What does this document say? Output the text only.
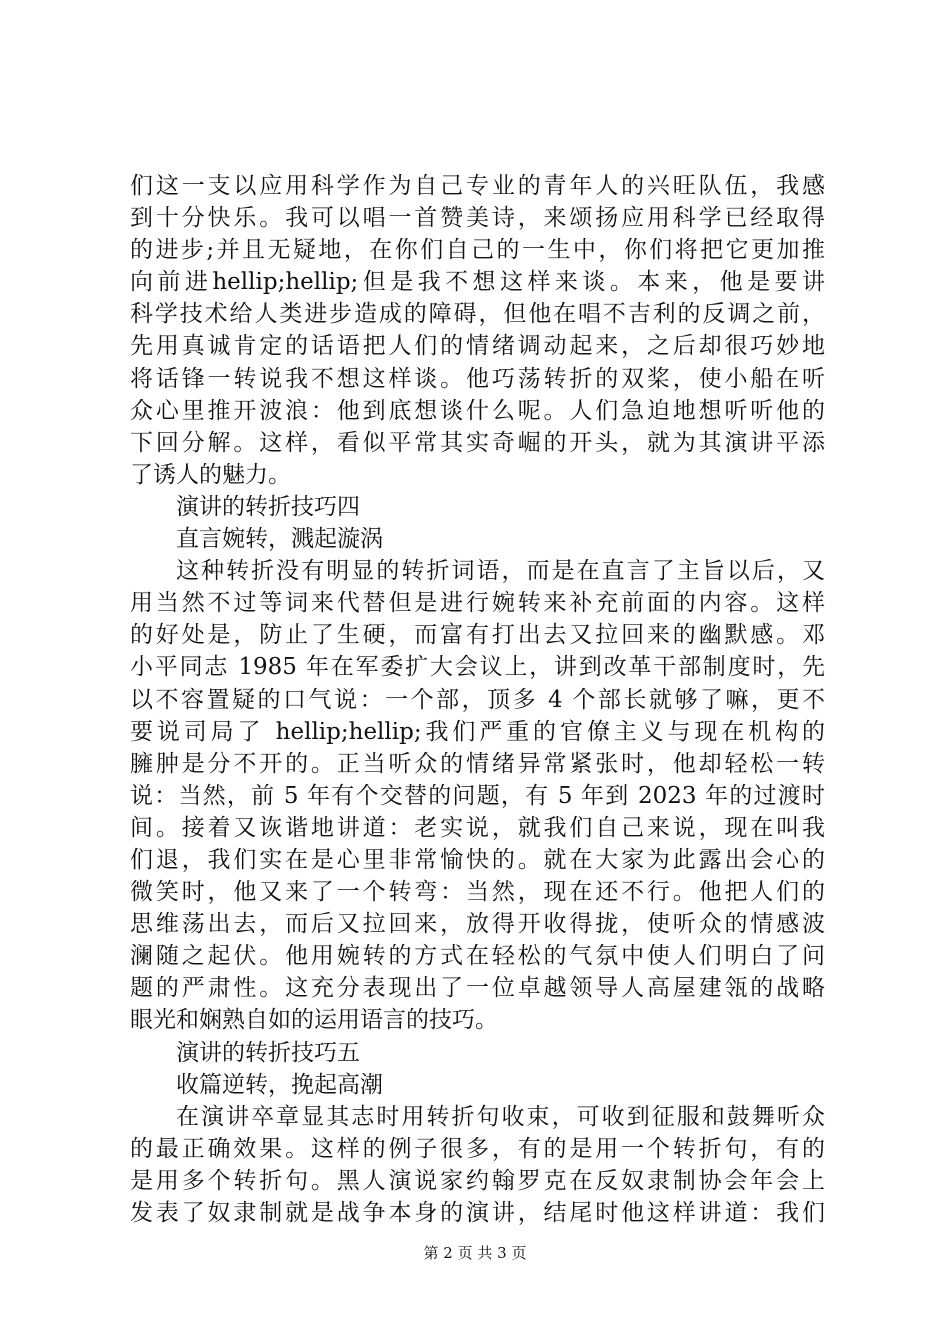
们这一支以应用科学作为自己专业的青年人的兴旺队伍，我感
到十分快乐。我可以唱一首赞美诗，来颂扬应用科学已经取得
的进步;并且无疑地，在你们自己的一生中，你们将把它更加推
向前进hellip;hellip;但是我不想这样来谈。本来，他是要讲
科学技术给人类进步造成的障碍，但他在唱不吉利的反调之前，
先用真诚肯定的话语把人们的情绪调动起来，之后却很巧妙地
将话锋一转说我不想这样谈。他巧荡转折的双桨，使小船在听
众心里推开波浪：他到底想谈什么呢。人们急迫地想听听他的
下回分解。这样，看似平常其实奇崛的开头，就为其演讲平添
了诱人的魅力。
演讲的转折技巧四
直言婉转，溅起漩涡
这种转折没有明显的转折词语，而是在直言了主旨以后，又
用当然不过等词来代替但是进行婉转来补充前面的内容。这样
的好处是，防止了生硬，而富有打出去又拉回来的幽默感。邓
小平同志 1985 年在军委扩大会议上，讲到改革干部制度时，先
以不容置疑的口气说：一个部，顶多 4 个部长就够了嘛，更不
要说司局了 hellip;hellip;我们严重的官僚主义与现在机构的
臃肿是分不开的。正当听众的情绪异常紧张时，他却轻松一转
说：当然，前 5 年有个交替的问题，有 5 年到 2023 年的过渡时
间。接着又诙谐地讲道：老实说，就我们自己来说，现在叫我
们退，我们实在是心里非常愉快的。就在大家为此露出会心的
微笑时，他又来了一个转弯：当然，现在还不行。他把人们的
思维荡出去，而后又拉回来，放得开收得拢，使听众的情感波
澜随之起伏。他用婉转的方式在轻松的气氛中使人们明白了问
题的严肃性。这充分表现出了一位卓越领导人高屋建瓴的战略
眼光和娴熟自如的运用语言的技巧。
演讲的转折技巧五
收篇逆转，挽起高潮
在演讲卒章显其志时用转折句收束，可收到征服和鼓舞听众
的最正确效果。这样的例子很多，有的是用一个转折句，有的
是用多个转折句。黑人演说家约翰罗克在反奴隶制协会年会上
发表了奴隶制就是战争本身的演讲，结尾时他这样讲道：我们
第 2 页 共 3 页
